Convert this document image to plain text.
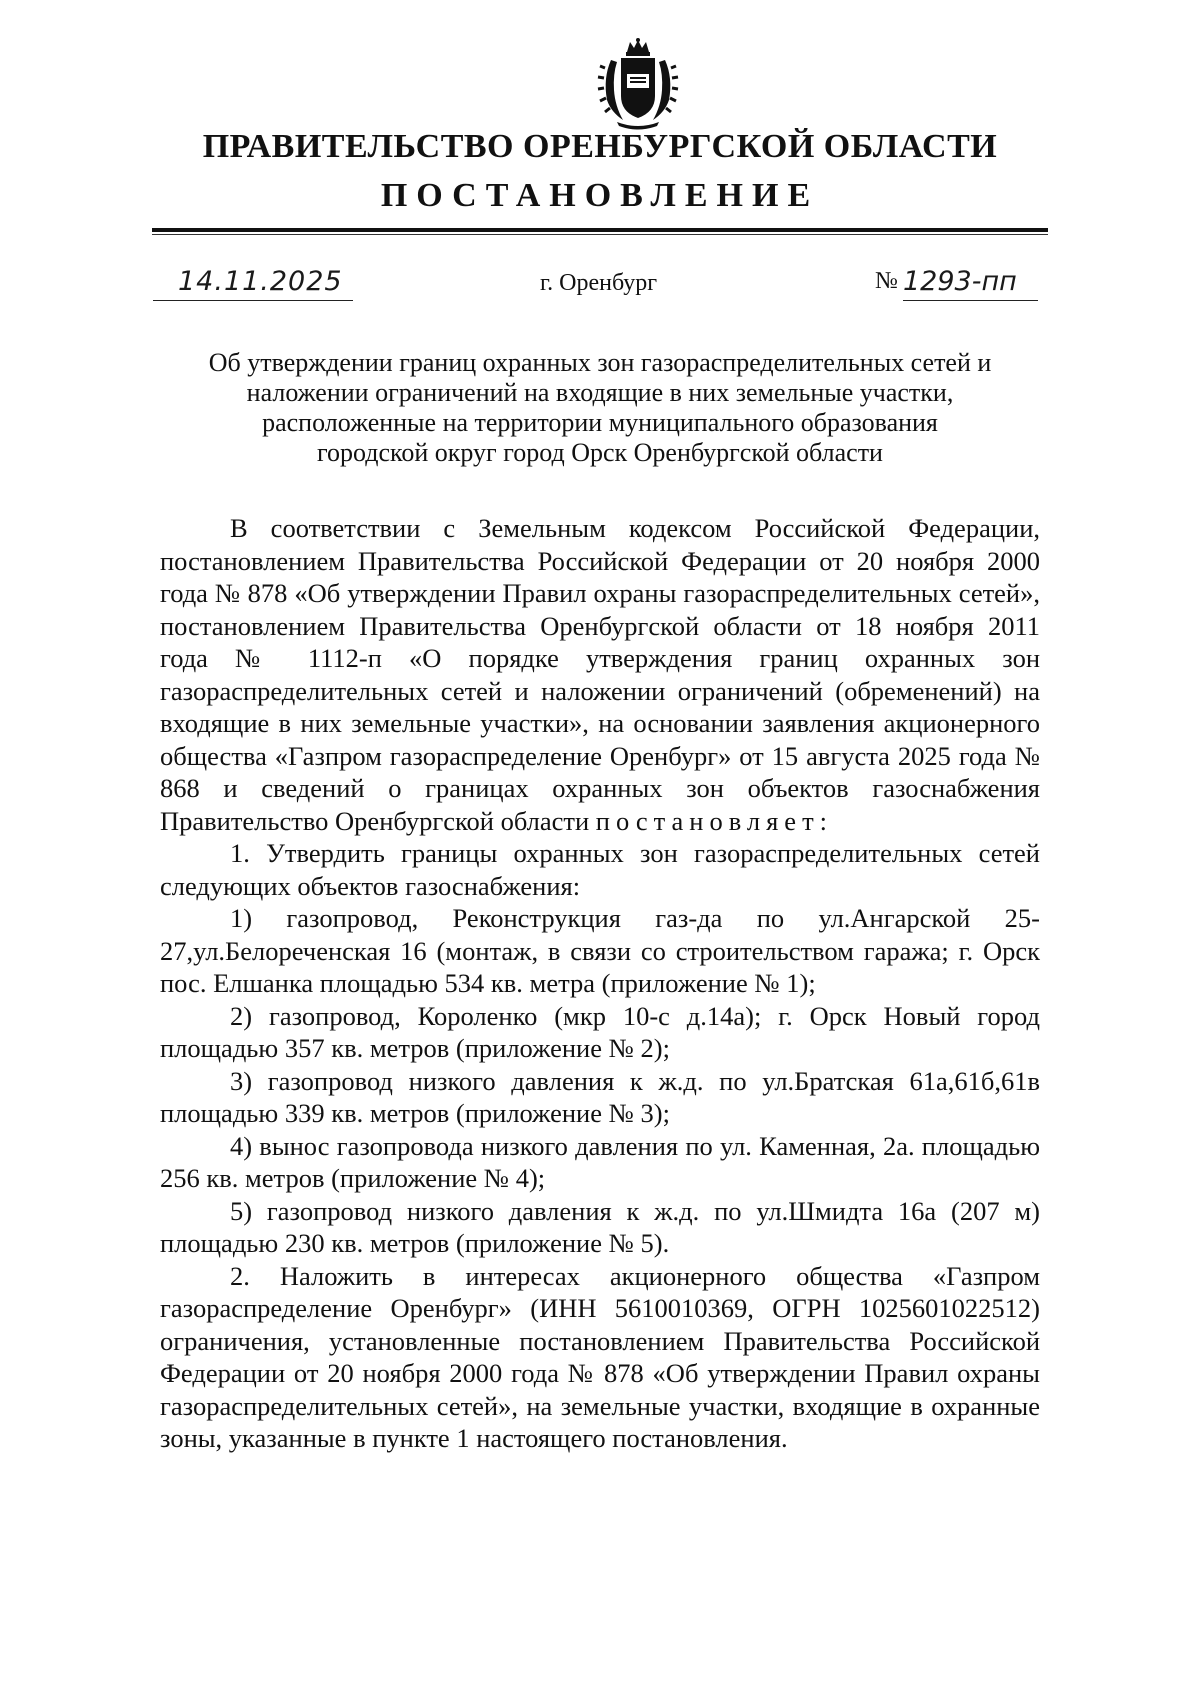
ПРАВИТЕЛЬСТВО ОРЕНБУРГСКОЙ ОБЛАСТИ
ПОСТАНОВЛЕНИЕ
14.11.2025	г. Оренбург	№ 1293-пп
Об утверждении границ охранных зон газораспределительных сетей и
наложении ограничений на входящие в них земельные участки,
расположенные на территории муниципального образования
городской округ город Орск Оренбургской области

В соответствии с Земельным кодексом Российской Федерации, постановлением Правительства Российской Федерации от 20 ноября 2000 года № 878 «Об утверждении Правил охраны газораспределительных сетей», постановлением Правительства Оренбургской области от 18 ноября 2011 года № 1112-п «О порядке утверждения границ охранных зон газораспределительных сетей и наложении ограничений (обременений) на входящие в них земельные участки», на основании заявления акционерного общества «Газпром газораспределение Оренбург» от 15 августа 2025 года № 868 и сведений о границах охранных зон объектов газоснабжения Правительство Оренбургской области постановляет:

1. Утвердить границы охранных зон газораспределительных сетей следующих объектов газоснабжения:

1) газопровод, Реконструкция газ-да по ул.Ангарской 25-27,ул.Белореченская 16 (монтаж, в связи со строительством гаража; г. Орск пос. Елшанка площадью 534 кв. метра (приложение № 1);

2) газопровод, Короленко (мкр 10-с д.14а); г. Орск Новый город площадью 357 кв. метров (приложение № 2);

3) газопровод низкого давления к ж.д. по ул.Братская 61а,61б,61в площадью 339 кв. метров (приложение № 3);

4) вынос газопровода низкого давления по ул. Каменная, 2а. площадью 256 кв. метров (приложение № 4);

5) газопровод низкого давления к ж.д. по ул.Шмидта 16а (207 м) площадью 230 кв. метров (приложение № 5).

2. Наложить в интересах акционерного общества «Газпром газораспределение Оренбург» (ИНН 5610010369, ОГРН 1025601022512) ограничения, установленные постановлением Правительства Российской Федерации от 20 ноября 2000 года № 878 «Об утверждении Правил охраны газораспределительных сетей», на земельные участки, входящие в охранные зоны, указанные в пункте 1 настоящего постановления.
